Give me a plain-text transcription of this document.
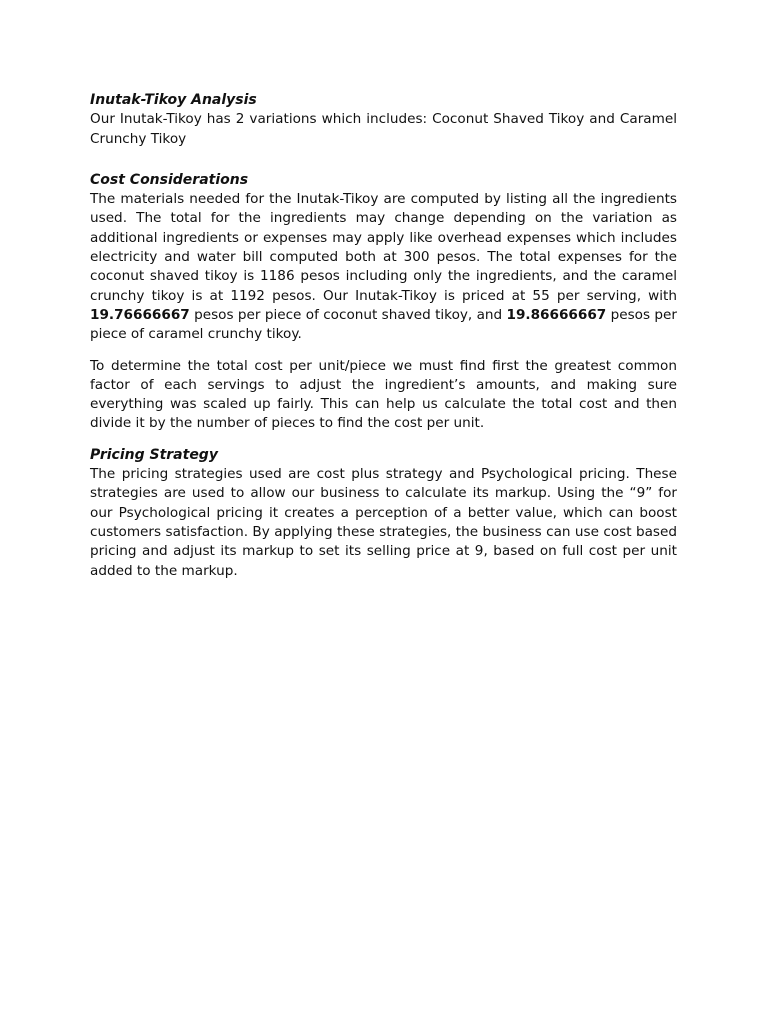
Inutak-Tikoy Analysis

Our Inutak-Tikoy has 2 variations which includes: Coconut Shaved Tikoy and Caramel Crunchy Tikoy

Cost Considerations

The materials needed for the Inutak-Tikoy are computed by listing all the ingredients used. The total for the ingredients may change depending on the variation as additional ingredients or expenses may apply like overhead expenses which includes electricity and water bill computed both at 300 pesos. The total expenses for the coconut shaved tikoy is 1186 pesos including only the ingredients, and the caramel crunchy tikoy is at 1192 pesos. Our Inutak-Tikoy is priced at 55 per serving, with 19.76666667 pesos per piece of coconut shaved tikoy, and 19.86666667 pesos per piece of caramel crunchy tikoy.

To determine the total cost per unit/piece we must find first the greatest common factor of each servings to adjust the ingredient’s amounts, and making sure everything was scaled up fairly. This can help us calculate the total cost and then divide it by the number of pieces to find the cost per unit.

Pricing Strategy

The pricing strategies used are cost plus strategy and Psychological pricing. These strategies are used to allow our business to calculate its markup. Using the “9” for our Psychological pricing it creates a perception of a better value, which can boost customers satisfaction. By applying these strategies, the business can use cost based pricing and adjust its markup to set its selling price at 9, based on full cost per unit added to the markup.
